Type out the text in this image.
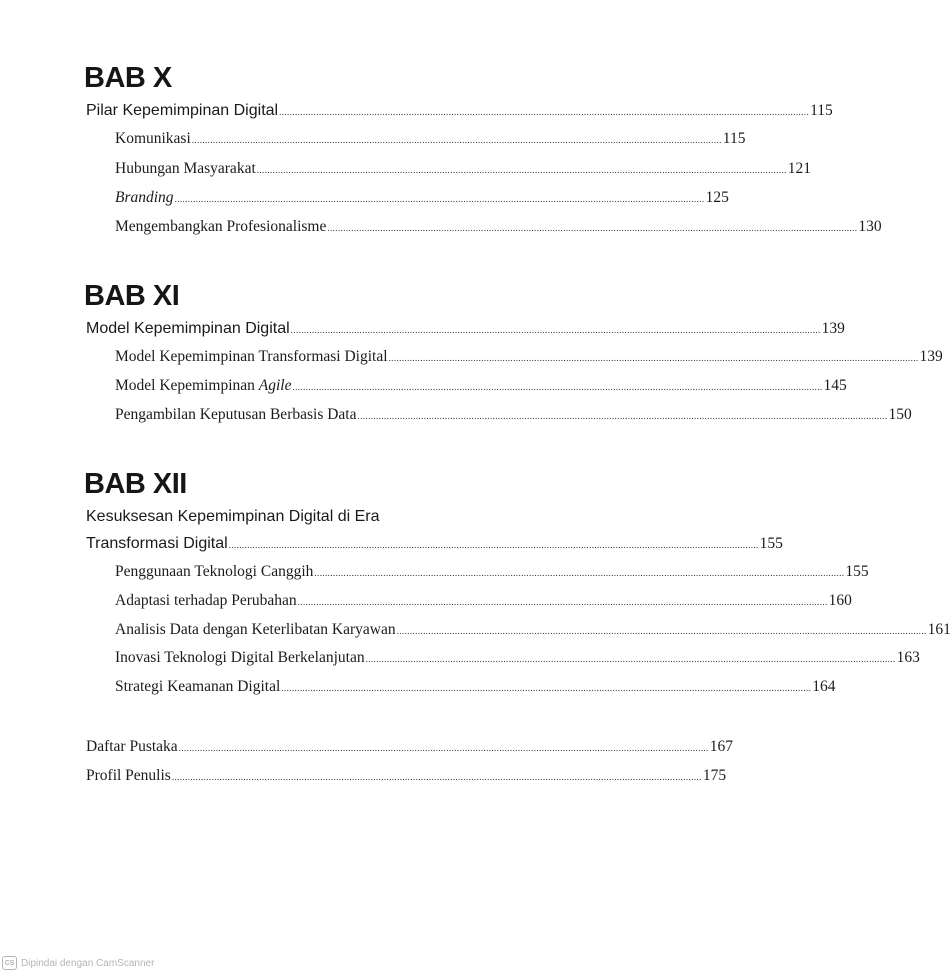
BAB X
Pilar Kepemimpinan Digital ........................................................................................................................................................................................................ 115
Komunikasi ........................................................................................................................................................................................................ 115
Hubungan Masyarakat ........................................................................................................................................................................................................ 121
Branding ........................................................................................................................................................................................................ 125
Mengembangkan Profesionalisme ........................................................................................................................................................................................................ 130
BAB XI
Model Kepemimpinan Digital ........................................................................................................................................................................................................ 139
Model Kepemimpinan Transformasi Digital ........................................................................................................................................................................................................ 139
Model Kepemimpinan Agile ........................................................................................................................................................................................................ 145
Pengambilan Keputusan Berbasis Data ........................................................................................................................................................................................................ 150
BAB XII
Kesuksesan Kepemimpinan Digital di Era
Transformasi Digital ........................................................................................................................................................................................................ 155
Penggunaan Teknologi Canggih ........................................................................................................................................................................................................ 155
Adaptasi terhadap Perubahan ........................................................................................................................................................................................................ 160
Analisis Data dengan Keterlibatan Karyawan ........................................................................................................................................................................................................ 161
Inovasi Teknologi Digital Berkelanjutan ........................................................................................................................................................................................................ 163
Strategi Keamanan Digital ........................................................................................................................................................................................................ 164
Daftar Pustaka ........................................................................................................................................................................................................ 167
Profil Penulis ........................................................................................................................................................................................................ 175
CS Dipindai dengan CamScanner
